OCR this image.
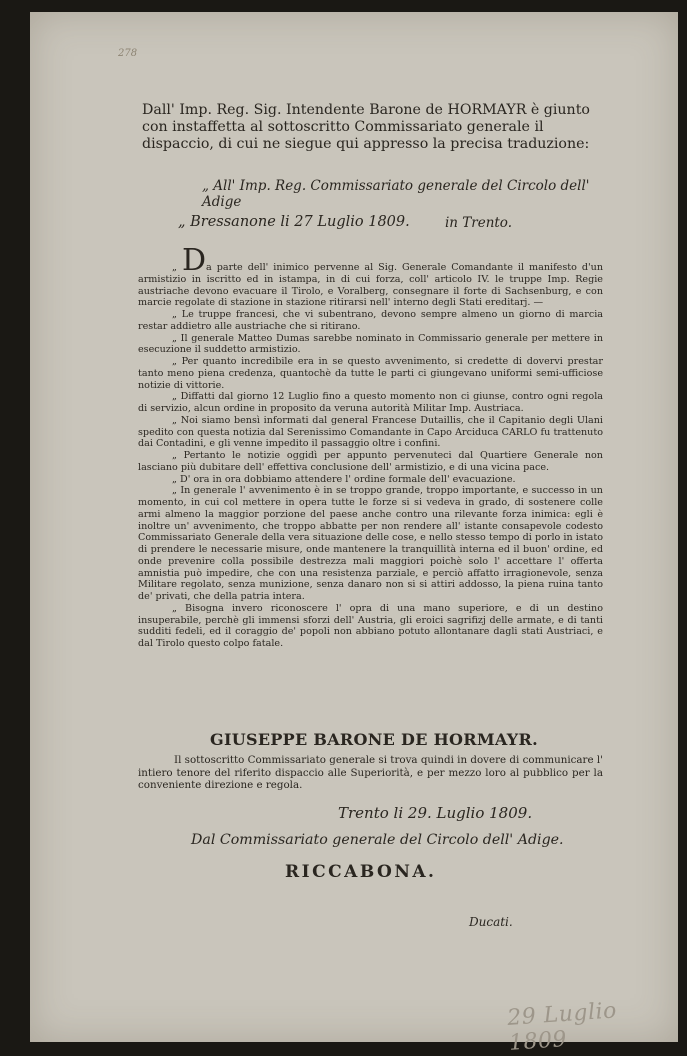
278
Dall' Imp. Reg. Sig. Intendente Barone de HORMAYR è giunto con instaffetta al sottoscritto Commissariato generale il dispaccio, di cui ne siegue qui appresso la precisa traduzione:
„ All' Imp. Reg. Commissariato generale del Circolo dell' Adige
in Trento.
„ Bressanone li 27 Luglio 1809.

„ Da parte dell' inimico pervenne al Sig. Generale Comandante il manifesto d'un armistizio in iscritto ed in istampa, in di cui forza, coll' articolo IV. le truppe Imp. Regie austriache devono evacuare il Tirolo, e Voralberg, consegnare il forte di Sachsenburg, e con marcie regolate di stazione in stazione ritirarsi nell' interno degli Stati ereditarj. —

„ Le truppe francesi, che vi subentrano, devono sempre almeno un giorno di marcia restar addietro alle austriache che si ritirano.

„ Il generale Matteo Dumas sarebbe nominato in Commissario generale per mettere in esecuzione il suddetto armistizio.

„ Per quanto incredibile era in se questo avvenimento, si credette di dovervi prestar tanto meno piena credenza, quantochè da tutte le parti ci giungevano uniformi semi-ufficiose notizie di vittorie.

„ Diffatti dal giorno 12 Luglio fino a questo momento non ci giunse, contro ogni regola di servizio, alcun ordine in proposito da veruna autorità Militar Imp. Austriaca.

„ Noi siamo bensì informati dal general Francese Dutaillis, che il Capitanio degli Ulani spedito con questa notizia dal Serenissimo Comandante in Capo Arciduca CARLO fu trattenuto dai Contadini, e gli venne impedito il passaggio oltre i confini.

„ Pertanto le notizie oggidì per appunto pervenuteci dal Quartiere Generale non lasciano più dubitare dell' effettiva conclusione dell' armistizio, e di una vicina pace.

„ D' ora in ora dobbiamo attendere l' ordine formale dell' evacuazione.

„ In generale l' avvenimento è in se troppo grande, troppo importante, e successo in un momento, in cui col mettere in opera tutte le forze si si vedeva in grado, di sostenere colle armi almeno la maggior porzione del paese anche contro una rilevante forza inimica: egli è inoltre un' avvenimento, che troppo abbatte per non rendere all' istante consapevole codesto Commissariato Generale della vera situazione delle cose, e nello stesso tempo di porlo in istato di prendere le necessarie misure, onde mantenere la tranquillità interna ed il buon' ordine, ed onde prevenire colla possibile destrezza mali maggiori poichè solo l' accettare l' offerta amnistia può impedire, che con una resistenza parziale, e perciò affatto irragionevole, senza Militare regolato, senza munizione, senza danaro non si si attiri addosso, la piena ruina tanto de' privati, che della patria intera.

„ Bisogna invero riconoscere l' opra di una mano superiore, e di un destino insuperabile, perchè gli immensi sforzi dell' Austria, gli eroici sagrifizj delle armate, e di tanti sudditi fedeli, ed il coraggio de' popoli non abbiano potuto allontanare dagli stati Austriaci, e dal Tirolo questo colpo fatale.

GIUSEPPE BARONE DE HORMAYR.
Il sottoscritto Commissariato generale si trova quindi in dovere di communicare l' intiero tenore del riferito dispaccio alle Superiorità, e per mezzo loro al pubblico per la conveniente direzione e regola.
Trento li 29. Luglio 1809.
Dal Commissariato generale del Circolo dell' Adige.
RICCABONA.
Ducati.
29 Luglio 1809
